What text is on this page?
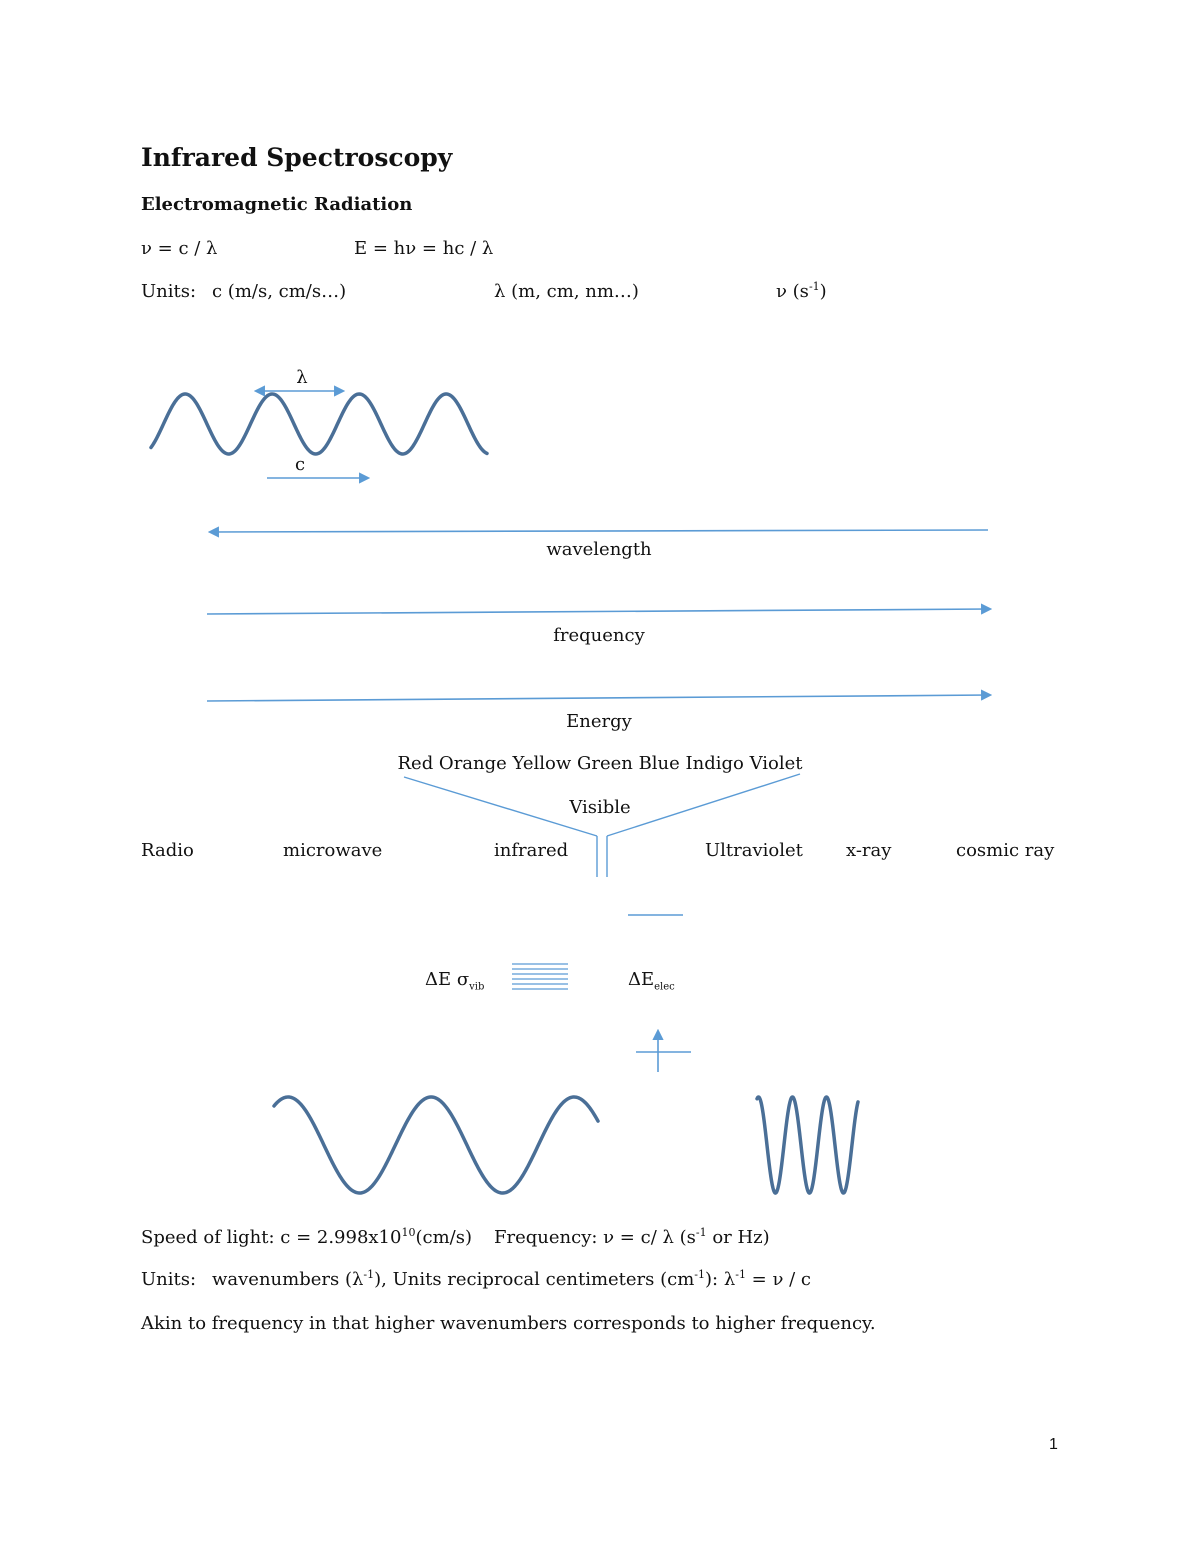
Infrared Spectroscopy
Electromagnetic Radiation
ν = c / λ	E = hν = hc / λ
Units: c (m/s, cm/s…)	λ (m, cm, nm…)	ν $(s^{-1})$
λ
c
wavelength
frequency
Energy
Red Orange Yellow Green Blue Indigo Violet
Visible
Radio	microwave	infrared	Ultraviolet x-ray	cosmic ray
ΔE $\sigma_{vib}$	$\Delta E_{elec}$
Speed of light: $c = 2.998x10^{10}(cm/s)$ Frequency: ν = c/ λ ($s^{-1}$ or Hz)
Units: wavenumbers $(\lambda^{-1})$, Units reciprocal centimeters $(cm^{-1})$: $\lambda^{-1} = \nu / c$
Akin to frequency in that higher wavenumbers corresponds to higher frequency.
1
